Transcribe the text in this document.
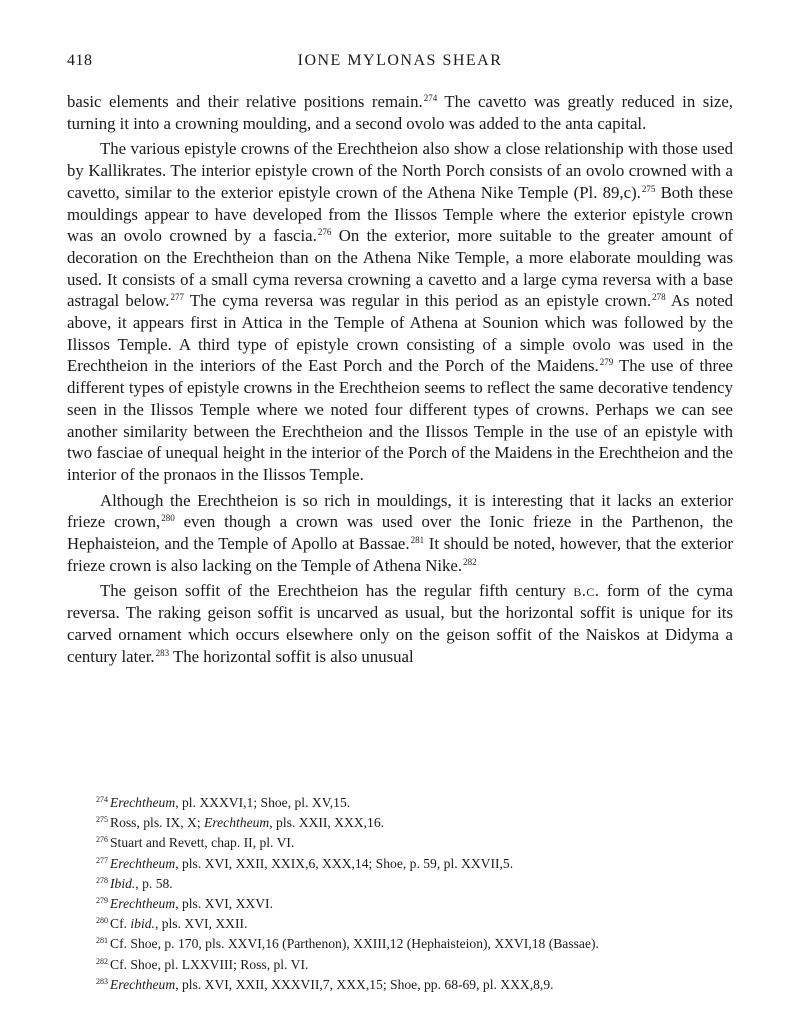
418	IONE MYLONAS SHEAR

basic elements and their relative positions remain.$^{274}$ The cavetto was greatly reduced in size, turning it into a crowning moulding, and a second ovolo was added to the anta capital.

The various epistyle crowns of the Erechtheion also show a close relationship with those used by Kallikrates. The interior epistyle crown of the North Porch consists of an ovolo crowned with a cavetto, similar to the exterior epistyle crown of the Athena Nike Temple (Pl. 89,c).$^{275}$ Both these mouldings appear to have developed from the Ilissos Temple where the exterior epistyle crown was an ovolo crowned by a fascia.$^{276}$ On the exterior, more suitable to the greater amount of decoration on the Erechtheion than on the Athena Nike Temple, a more elaborate moulding was used. It consists of a small cyma reversa crowning a cavetto and a large cyma reversa with a base astragal below.$^{277}$ The cyma reversa was regular in this period as an epistyle crown.$^{278}$ As noted above, it appears first in Attica in the Temple of Athena at Sounion which was followed by the Ilissos Temple. A third type of epistyle crown consisting of a simple ovolo was used in the Erechtheion in the interiors of the East Porch and the Porch of the Maidens.$^{279}$ The use of three different types of epistyle crowns in the Erechtheion seems to reflect the same decorative tendency seen in the Ilissos Temple where we noted four different types of crowns. Perhaps we can see another similarity between the Erechtheion and the Ilissos Temple in the use of an epistyle with two fasciae of unequal height in the interior of the Porch of the Maidens in the Erechtheion and the interior of the pronaos in the Ilissos Temple.

Although the Erechtheion is so rich in mouldings, it is interesting that it lacks an exterior frieze crown,$^{280}$ even though a crown was used over the Ionic frieze in the Parthenon, the Hephaisteion, and the Temple of Apollo at Bassae.$^{281}$ It should be noted, however, that the exterior frieze crown is also lacking on the Temple of Athena Nike.$^{282}$

The geison soffit of the Erechtheion has the regular fifth century b.c. form of the cyma reversa. The raking geison soffit is uncarved as usual, but the horizontal soffit is unique for its carved ornament which occurs elsewhere only on the geison soffit of the Naiskos at Didyma a century later.$^{283}$ The horizontal soffit is also unusual

$^{274}$ Erechtheum, pl. XXXVI,1; Shoe, pl. XV,15.
$^{275}$ Ross, pls. IX, X; Erechtheum, pls. XXII, XXX,16.
$^{276}$ Stuart and Revett, chap. II, pl. VI.
$^{277}$ Erechtheum, pls. XVI, XXII, XXIX,6, XXX,14; Shoe, p. 59, pl. XXVII,5.
$^{278}$ Ibid., p. 58.
$^{279}$ Erechtheum, pls. XVI, XXVI.
$^{280}$ Cf. ibid., pls. XVI, XXII.
$^{281}$ Cf. Shoe, p. 170, pls. XXVI,16 (Parthenon), XXIII,12 (Hephaisteion), XXVI,18 (Bassae).
$^{282}$ Cf. Shoe, pl. LXXVIII; Ross, pl. VI.
$^{283}$ Erechtheum, pls. XVI, XXII, XXXVII,7, XXX,15; Shoe, pp. 68-69, pl. XXX,8,9.
